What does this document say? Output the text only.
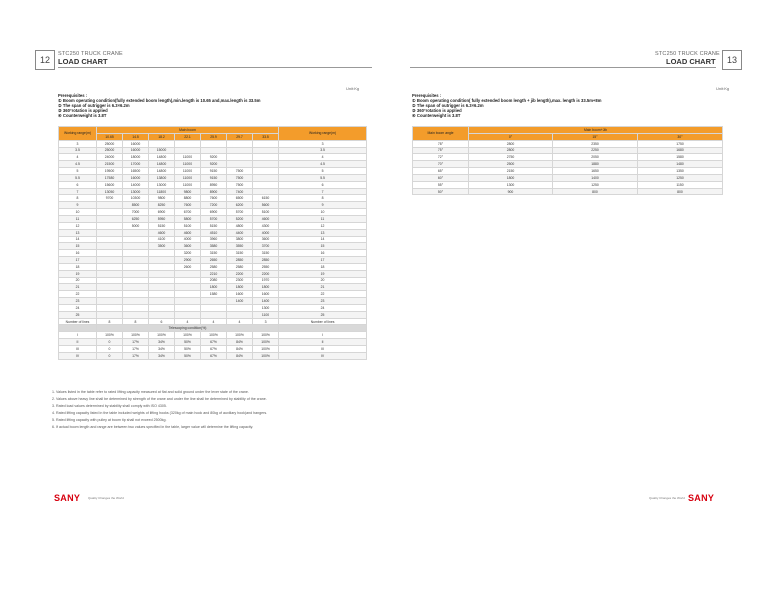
12
STC250 TRUCK CRANE
LOAD CHART
Unit:Kg
Prerequisites :
① Boom operating condition(fully extended boom length),min.length is 10.65 and,max.length is 33.5m
② The span of outrigger is 6.3×6.2m
③ 360°rotation is applied
④ Counterweight is 3.8T
Working range(m)	Main boom							Working range(m)
	10.65	14.5	18.2	22.1	25.9	29.7	33.5	
3	25000	16000						3
3.5	25000	16000	15000					3.5
4	24000	18000	14800	11000	9200			4
4.5	21500	17000	14800	11000	9200			4.5
5	19500	16500	14800	11000	9150	7500		5
5.5	17580	16000	13800	11000	9150	7500		5.5
6	15600	14000	13000	11000	8950	7500		6
7	13050	13000	11800	9800	8900	7400		7
8	9700	10300	9800	8800	7600	6500	6150	8
9		8500	8250	7600	7200	6200	5600	9
10		7000	6900	6700	6900	5700	5100	10
11		6250	5950	5800	5700	5200	4600	11
12		5000	5150	5100	5150	4800	4300	12
13			4600	4600	4510	4400	4000	13
14			4100	4000	3960	3800	3600	14
15			3500	3600	3580	3550	3700	15
16				3200	3150	3150	3150	16
17				2900	2650	2850	2850	17
18				2600	2580	2580	2550	18
19					2210	2200	2200	19
20					2080	2300	1970	20
21					1800	1800	1800	21
22					1580	1600	1600	22
23						1400	1400	23
24							1300	24
25							1100	25
Number of lines	8	8	6	4	4	4	3	Number of lines
	Telescoping condition(%)							
I	100%	100%	100%	100%	100%	100%	100%	I
II	0	17%	34%	50%	67%	84%	100%	II
III	0	17%	34%	50%	67%	84%	100%	III
IV	0	17%	34%	50%	67%	84%	100%	IV
1. Values listed in the table refer to rated lifting capacity measured at flat and solid ground under the lever state of the crane.
2. Values above heavy line shall be determined by strength of the crane and under the line shall be determined by stability of the crane.
3. Rated load values determined by stability shall comply with ISO 4305.
4. Rated lifting capacity listed in the table included weights of lifting hooks (320kg of main hook and 80kg of auxiliary hook)and hangers.
5. Rated lifting capacity with pulley at boom tip shall not exceed 2500kg.
6. If actual boom length and range are between two values specified in the table, larger value will determine the lifting capacity.
SANY	Quality Changes the World
STC250 TRUCK CRANE
LOAD CHART	13
Unit:Kg
Prerequisites :
① Boom operating condition( fully extended boom length + jib length),max. length is 33.5m+8m
② The span of outrigger is 6.3×6.2m
③ 360°rotation is applied
④ Counterweight is 3.8T
Main boom angle	Main boom+Jib		
	0°	15°	30°
78°	2800	2350	1750
75°	2800	2250	1680
72°	2750	2050	1580
70°	2500	1880	1480
65°	2150	1650	1350
60°	1800	1400	1250
55°	1300	1250	1150
50°	900	800	800
Quality Changes the World SANY
